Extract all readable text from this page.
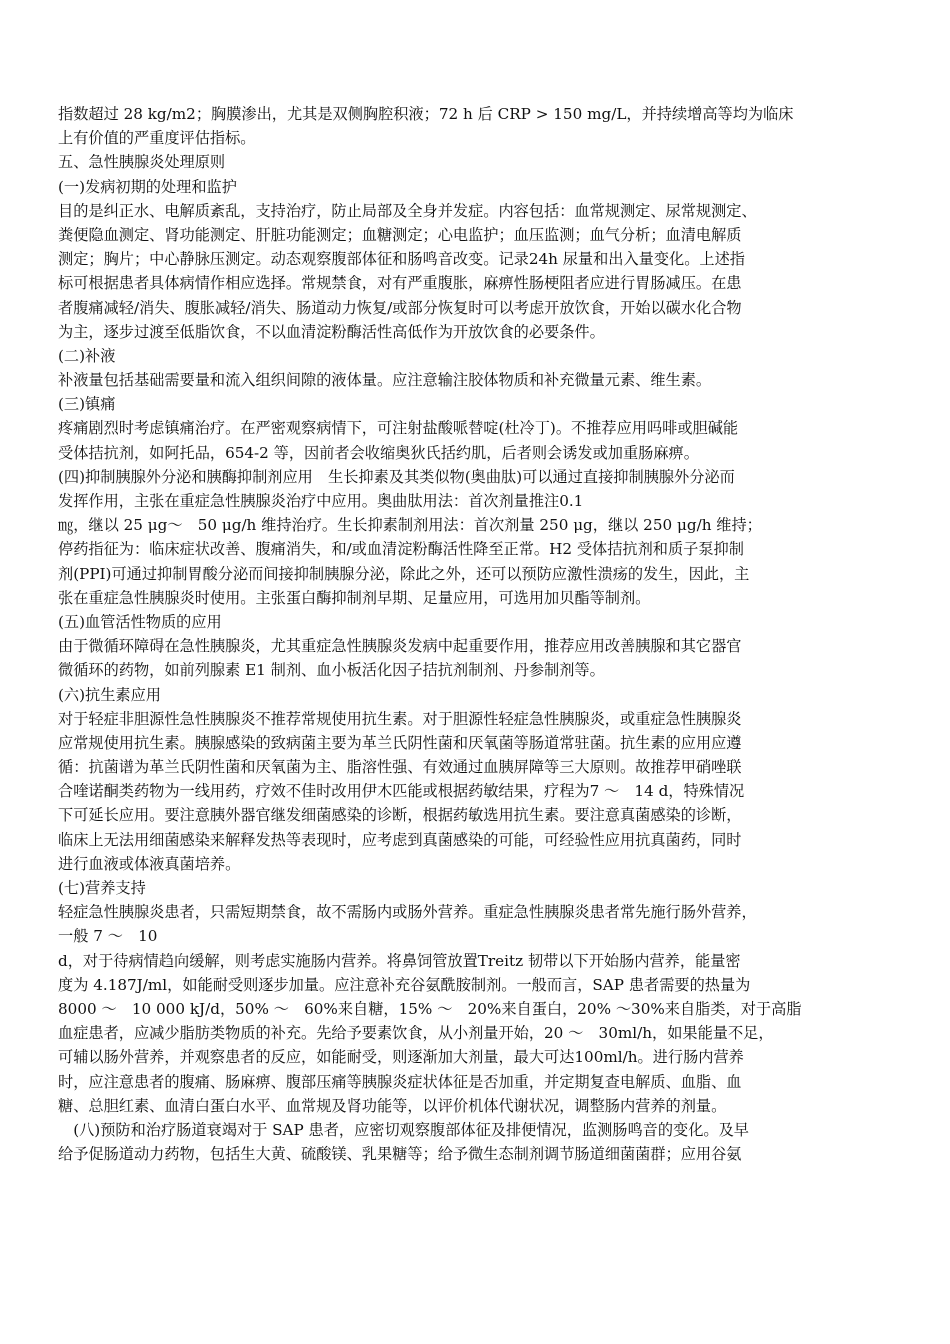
指数超过 28 kg/m2；胸膜渗出，尤其是双侧胸腔积液；72 h 后 CRP > 150 mg/L，并持续增高等均为临床
上有价值的严重度评估指标。
五、急性胰腺炎处理原则
(一)发病初期的处理和监护
目的是纠正水、电解质紊乱，支持治疗，防止局部及全身并发症。内容包括：血常规测定、尿常规测定、
粪便隐血测定、肾功能测定、肝脏功能测定；血糖测定；心电监护；血压监测；血气分析；血清电解质
测定；胸片；中心静脉压测定。动态观察腹部体征和肠鸣音改变。记录24h 尿量和出入量变化。上述指
标可根据患者具体病情作相应选择。常规禁食，对有严重腹胀，麻痹性肠梗阻者应进行胃肠减压。在患
者腹痛减轻/消失、腹胀减轻/消失、肠道动力恢复/或部分恢复时可以考虑开放饮食，开始以碳水化合物
为主，逐步过渡至低脂饮食，不以血清淀粉酶活性高低作为开放饮食的必要条件。
(二)补液
补液量包括基础需要量和流入组织间隙的液体量。应注意输注胶体物质和补充微量元素、维生素。
(三)镇痛
疼痛剧烈时考虑镇痛治疗。在严密观察病情下，可注射盐酸哌替啶(杜冷丁)。不推荐应用吗啡或胆碱能
受体拮抗剂，如阿托品，654-2 等，因前者会收缩奥狄氏括约肌，后者则会诱发或加重肠麻痹。
(四)抑制胰腺外分泌和胰酶抑制剂应用　生长抑素及其类似物(奥曲肽)可以通过直接抑制胰腺外分泌而
发挥作用，主张在重症急性胰腺炎治疗中应用。奥曲肽用法：首次剂量推注0.1
㎎，继以 25 μg～　50 μg/h 维持治疗。生长抑素制剂用法：首次剂量 250 μg，继以 250 μg/h 维持；
停药指征为：临床症状改善、腹痛消失，和/或血清淀粉酶活性降至正常。H2 受体拮抗剂和质子泵抑制
剂(PPI)可通过抑制胃酸分泌而间接抑制胰腺分泌，除此之外，还可以预防应激性溃疡的发生，因此，主
张在重症急性胰腺炎时使用。主张蛋白酶抑制剂早期、足量应用，可选用加贝酯等制剂。
(五)血管活性物质的应用
由于微循环障碍在急性胰腺炎，尤其重症急性胰腺炎发病中起重要作用，推荐应用改善胰腺和其它器官
微循环的药物，如前列腺素 E1 制剂、血小板活化因子拮抗剂制剂、丹参制剂等。
(六)抗生素应用
对于轻症非胆源性急性胰腺炎不推荐常规使用抗生素。对于胆源性轻症急性胰腺炎，或重症急性胰腺炎
应常规使用抗生素。胰腺感染的致病菌主要为革兰氏阴性菌和厌氧菌等肠道常驻菌。抗生素的应用应遵
循：抗菌谱为革兰氏阴性菌和厌氧菌为主、脂溶性强、有效通过血胰屏障等三大原则。故推荐甲硝唑联
合喹诺酮类药物为一线用药，疗效不佳时改用伊木匹能或根据药敏结果，疗程为7 ～　14 d，特殊情况
下可延长应用。要注意胰外器官继发细菌感染的诊断，根据药敏选用抗生素。要注意真菌感染的诊断，
临床上无法用细菌感染来解释发热等表现时，应考虑到真菌感染的可能，可经验性应用抗真菌药，同时
进行血液或体液真菌培养。
(七)营养支持
轻症急性胰腺炎患者，只需短期禁食，故不需肠内或肠外营养。重症急性胰腺炎患者常先施行肠外营养，
一般 7 ～　10
d，对于待病情趋向缓解，则考虑实施肠内营养。将鼻饲管放置Treitz 韧带以下开始肠内营养，能量密
度为 4.187J/ml，如能耐受则逐步加量。应注意补充谷氨酰胺制剂。一般而言，SAP 患者需要的热量为
8000 ～　10 000 kJ/d，50% ～　60%来自糖，15% ～　20%来自蛋白，20% ～30%来自脂类，对于高脂
血症患者，应减少脂肪类物质的补充。先给予要素饮食，从小剂量开始，20 ～　30ml/h，如果能量不足，
可辅以肠外营养，并观察患者的反应，如能耐受，则逐渐加大剂量，最大可达100ml/h。进行肠内营养
时，应注意患者的腹痛、肠麻痹、腹部压痛等胰腺炎症状体征是否加重，并定期复查电解质、血脂、血
糖、总胆红素、血清白蛋白水平、血常规及肾功能等，以评价机体代谢状况，调整肠内营养的剂量。
　(八)预防和治疗肠道衰竭对于 SAP 患者，应密切观察腹部体征及排便情况，监测肠鸣音的变化。及早
给予促肠道动力药物，包括生大黄、硫酸镁、乳果糖等；给予微生态制剂调节肠道细菌菌群；应用谷氨
